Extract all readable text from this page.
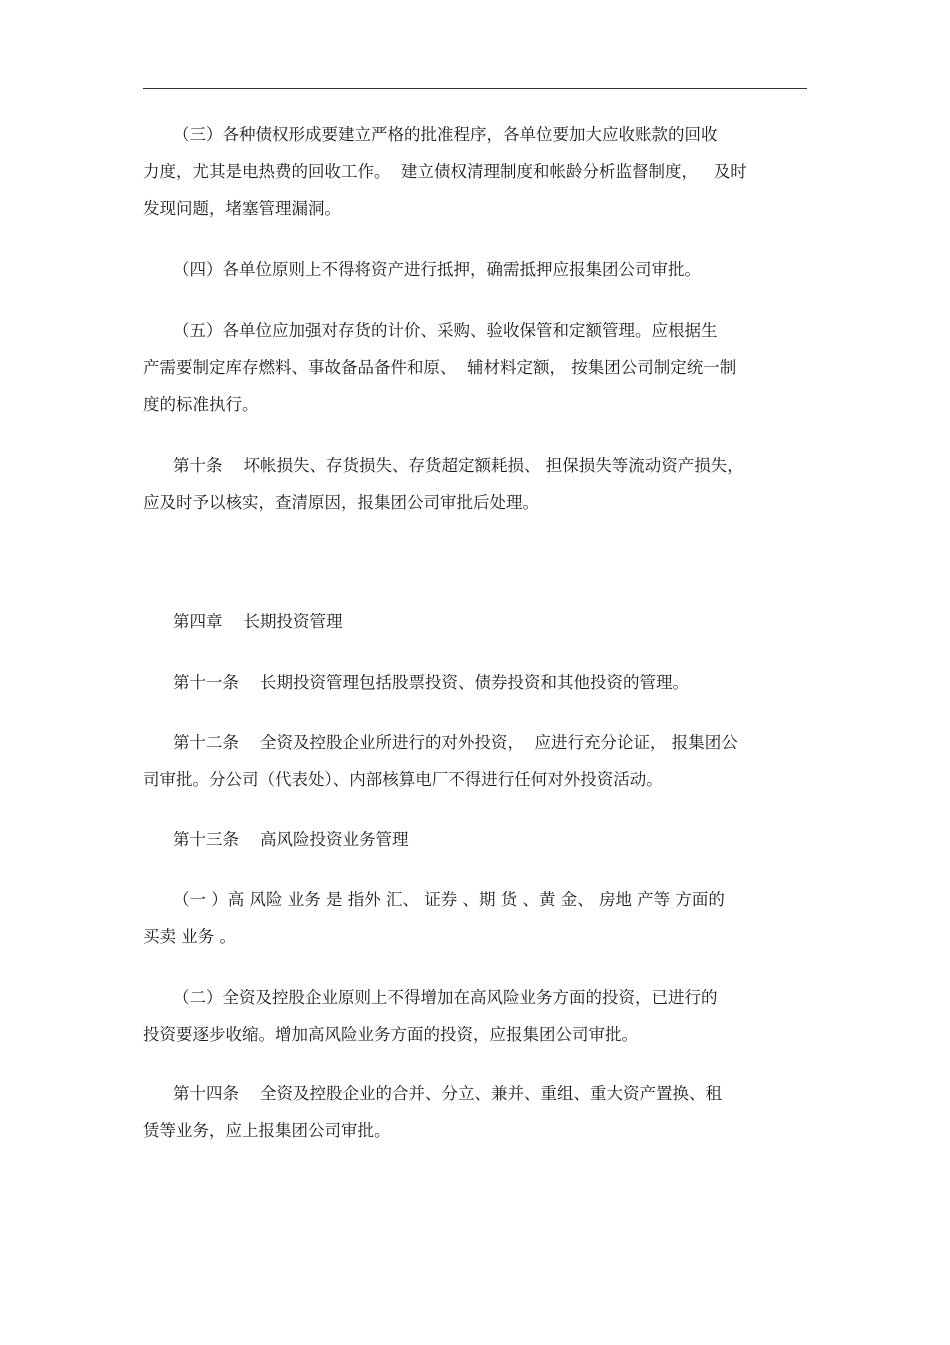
（三）各种债权形成要建立严格的批准程序，各单位要加大应收账款的回收
力度，尤其是电热费的回收工作。  建立债权清理制度和帐龄分析监督制度，   及时
发现问题，堵塞管理漏洞。
（四）各单位原则上不得将资产进行抵押，确需抵押应报集团公司审批。
（五）各单位应加强对存货的计价、采购、验收保管和定额管理。应根据生
产需要制定库存燃料、事故备品备件和原、  辅材料定额， 按集团公司制定统一制
度的标准执行。
第十条    坏帐损失、存货损失、存货超定额耗损、 担保损失等流动资产损失，
应及时予以核实，查清原因，报集团公司审批后处理。
第四章    长期投资管理
第十一条    长期投资管理包括股票投资、债券投资和其他投资的管理。
第十二条    全资及控股企业所进行的对外投资，  应进行充分论证， 报集团公
司审批。分公司（代表处）、内部核算电厂不得进行任何对外投资活动。
第十三条    高风险投资业务管理
（一 ）高 风险 业务 是 指外 汇、 证券 、期 货 、黄 金、 房地 产等 方面的
买卖 业务 。
（二）全资及控股企业原则上不得增加在高风险业务方面的投资，已进行的
投资要逐步收缩。增加高风险业务方面的投资，应报集团公司审批。
第十四条    全资及控股企业的合并、分立、兼并、重组、重大资产置换、租
赁等业务，应上报集团公司审批。
